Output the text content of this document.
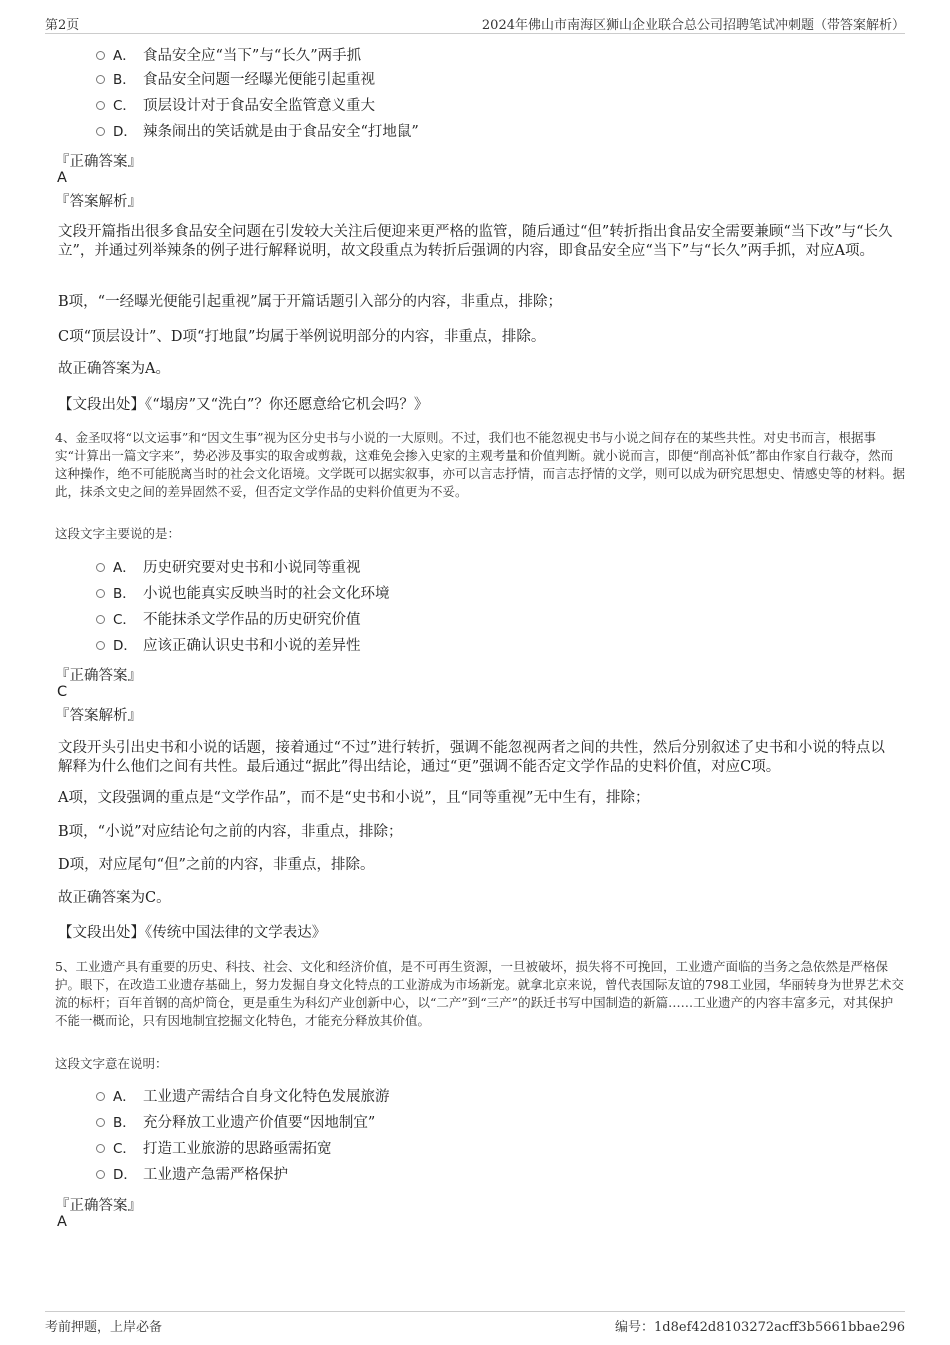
第2页	2024年佛山市南海区狮山企业联合总公司招聘笔试冲刺题（带答案解析）
A． 食品安全应“当下”与“长久”两手抓
B． 食品安全问题一经曝光便能引起重视
C． 顶层设计对于食品安全监管意义重大
D． 辣条闹出的笑话就是由于食品安全“打地鼠”
『正确答案』
A
『答案解析』
文段开篇指出很多食品安全问题在引发较大关注后便迎来更严格的监管，随后通过“但”转折指出食品安全需要兼顾“当下改”与“长久立”，并通过列举辣条的例子进行解释说明，故文段重点为转折后强调的内容，即食品安全应“当下”与“长久”两手抓，对应A项。
B项，“一经曝光便能引起重视”属于开篇话题引入部分的内容，非重点，排除；
C项“顶层设计”、D项“打地鼠”均属于举例说明部分的内容，非重点，排除。
故正确答案为A。
【文段出处】《“塌房”又“洗白”？你还愿意给它机会吗？》
4、金圣叹将“以文运事”和“因文生事”视为区分史书与小说的一大原则。不过，我们也不能忽视史书与小说之间存在的某些共性。对史书而言，根据事实“计算出一篇文字来”，势必涉及事实的取舍或剪裁，这难免会掺入史家的主观考量和价值判断。就小说而言，即便“削高补低”都由作家自行裁夺，然而这种操作，绝不可能脱离当时的社会文化语境。文学既可以据实叙事，亦可以言志抒情，而言志抒情的文学，则可以成为研究思想史、情感史等的材料。据此，抹杀文史之间的差异固然不妥，但否定文学作品的史料价值更为不妥。
这段文字主要说的是：
A． 历史研究要对史书和小说同等重视
B． 小说也能真实反映当时的社会文化环境
C． 不能抹杀文学作品的历史研究价值
D． 应该正确认识史书和小说的差异性
『正确答案』
C
『答案解析』
文段开头引出史书和小说的话题，接着通过“不过”进行转折，强调不能忽视两者之间的共性，然后分别叙述了史书和小说的特点以解释为什么他们之间有共性。最后通过“据此”得出结论，通过“更”强调不能否定文学作品的史料价值，对应C项。
A项，文段强调的重点是“文学作品”，而不是“史书和小说”，且“同等重视”无中生有，排除；
B项，“小说”对应结论句之前的内容，非重点，排除；
D项，对应尾句“但”之前的内容，非重点，排除。
故正确答案为C。
【文段出处】《传统中国法律的文学表达》
5、工业遗产具有重要的历史、科技、社会、文化和经济价值，是不可再生资源，一旦被破坏，损失将不可挽回，工业遗产面临的当务之急依然是严格保护。眼下，在改造工业遗存基础上，努力发掘自身文化特点的工业游成为市场新宠。就拿北京来说，曾代表国际友谊的798工业园，华丽转身为世界艺术交流的标杆；百年首钢的高炉筒仓，更是重生为科幻产业创新中心，以“二产”到“三产”的跃迁书写中国制造的新篇……工业遗产的内容丰富多元，对其保护不能一概而论，只有因地制宜挖掘文化特色，才能充分释放其价值。
这段文字意在说明：
A． 工业遗产需结合自身文化特色发展旅游
B． 充分释放工业遗产价值要“因地制宜”
C． 打造工业旅游的思路亟需拓宽
D． 工业遗产急需严格保护
『正确答案』
A
考前押题，上岸必备	编号：1d8ef42d8103272acff3b5661bbae296
